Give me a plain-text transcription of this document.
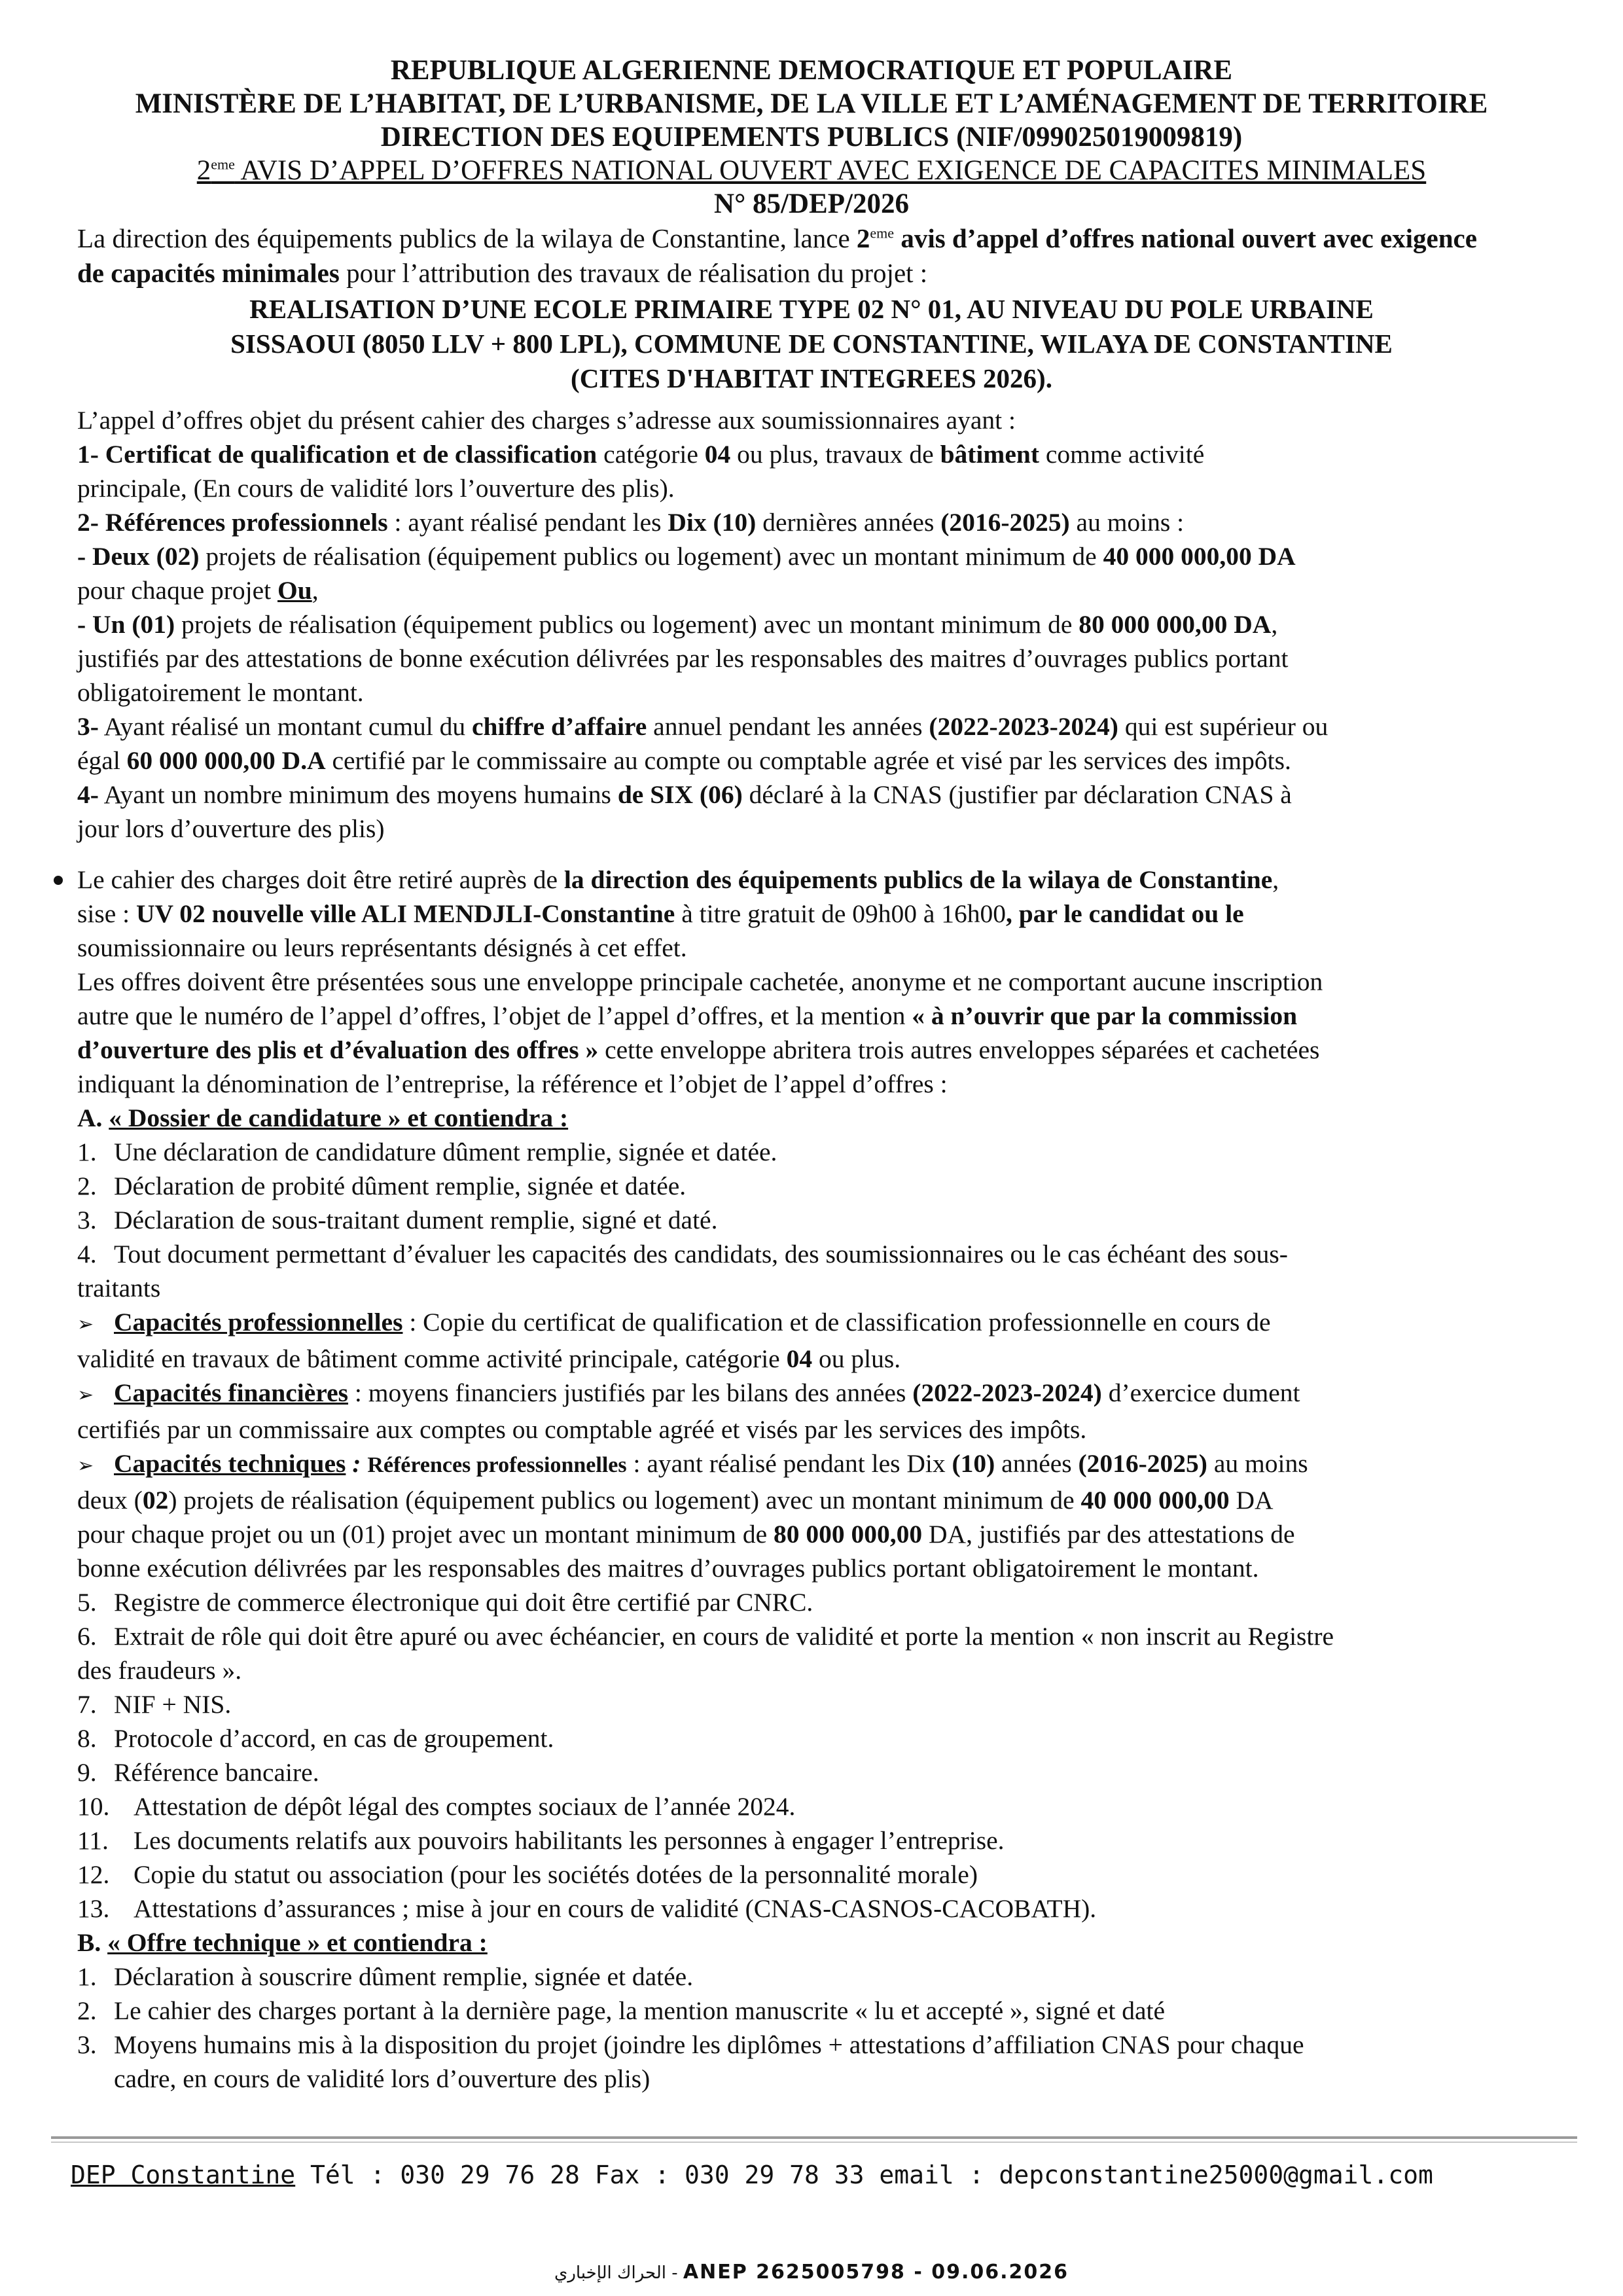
REPUBLIQUE ALGERIENNE DEMOCRATIQUE ET POPULAIRE
MINISTÈRE DE L’HABITAT, DE L’URBANISME, DE LA VILLE ET L’AMÉNAGEMENT DE TERRITOIRE
DIRECTION DES EQUIPEMENTS PUBLICS (NIF/099025019009819)
2eme AVIS D’APPEL D’OFFRES NATIONAL OUVERT AVEC EXIGENCE DE CAPACITES MINIMALES
N° 85/DEP/2026
La direction des équipements publics de la wilaya de Constantine, lance 2eme avis d’appel d’offres national ouvert avec exigence de capacités minimales pour l’attribution des travaux de réalisation du projet :
REALISATION D’UNE ECOLE PRIMAIRE TYPE 02 N° 01, AU NIVEAU DU POLE URBAINE
SISSAOUI (8050 LLV + 800 LPL), COMMUNE DE CONSTANTINE, WILAYA DE CONSTANTINE
(CITES D'HABITAT INTEGREES 2026).
L’appel d’offres objet du présent cahier des charges s’adresse aux soumissionnaires ayant :
1- Certificat de qualification et de classification catégorie 04 ou plus, travaux de bâtiment comme activité
principale, (En cours de validité lors l’ouverture des plis).
2- Références professionnels : ayant réalisé pendant les Dix (10) dernières années (2016-2025) au moins :
- Deux (02) projets de réalisation (équipement publics ou logement) avec un montant minimum de 40 000 000,00 DA
pour chaque projet Ou,
- Un (01) projets de réalisation (équipement publics ou logement) avec un montant minimum de 80 000 000,00 DA,
justifiés par des attestations de bonne exécution délivrées par les responsables des maitres d’ouvrages publics portant
obligatoirement le montant.
3- Ayant réalisé un montant cumul du chiffre d’affaire annuel pendant les années (2022-2023-2024) qui est supérieur ou
égal 60 000 000,00 D.A certifié par le commissaire au compte ou comptable agrée et visé par les services des impôts.
4- Ayant un nombre minimum des moyens humains de SIX (06) déclaré à la CNAS (justifier par déclaration CNAS à
jour lors d’ouverture des plis)
Le cahier des charges doit être retiré auprès de la direction des équipements publics de la wilaya de Constantine,
sise : UV 02 nouvelle ville ALI MENDJLI-Constantine à titre gratuit de 09h00 à 16h00, par le candidat ou le
soumissionnaire ou leurs représentants désignés à cet effet.
Les offres doivent être présentées sous une enveloppe principale cachetée, anonyme et ne comportant aucune inscription
autre que le numéro de l’appel d’offres, l’objet de l’appel d’offres, et la mention « à n’ouvrir que par la commission
d’ouverture des plis et d’évaluation des offres » cette enveloppe abritera trois autres enveloppes séparées et cachetées
indiquant la dénomination de l’entreprise, la référence et l’objet de l’appel d’offres :
A. « Dossier de candidature » et contiendra :
1. Une déclaration de candidature dûment remplie, signée et datée.
2. Déclaration de probité dûment remplie, signée et datée.
3. Déclaration de sous-traitant dument remplie, signé et daté.
4. Tout document permettant d’évaluer les capacités des candidats, des soumissionnaires ou le cas échéant des sous-
traitants
➢ Capacités professionnelles : Copie du certificat de qualification et de classification professionnelle en cours de
validité en travaux de bâtiment comme activité principale, catégorie 04 ou plus.
➢ Capacités financières : moyens financiers justifiés par les bilans des années (2022-2023-2024) d’exercice dument
certifiés par un commissaire aux comptes ou comptable agréé et visés par les services des impôts.
➢ Capacités techniques : Références professionnelles : ayant réalisé pendant les Dix (10) années (2016-2025) au moins
deux (02) projets de réalisation (équipement publics ou logement) avec un montant minimum de 40 000 000,00 DA
pour chaque projet ou un (01) projet avec un montant minimum de 80 000 000,00 DA, justifiés par des attestations de
bonne exécution délivrées par les responsables des maitres d’ouvrages publics portant obligatoirement le montant.
5. Registre de commerce électronique qui doit être certifié par CNRC.
6. Extrait de rôle qui doit être apuré ou avec échéancier, en cours de validité et porte la mention « non inscrit au Registre
des fraudeurs ».
7. NIF + NIS.
8. Protocole d’accord, en cas de groupement.
9. Référence bancaire.
10. Attestation de dépôt légal des comptes sociaux de l’année 2024.
11. Les documents relatifs aux pouvoirs habilitants les personnes à engager l’entreprise.
12. Copie du statut ou association (pour les sociétés dotées de la personnalité morale)
13. Attestations d’assurances ; mise à jour en cours de validité (CNAS-CASNOS-CACOBATH).
B. « Offre technique » et contiendra :
1. Déclaration à souscrire dûment remplie, signée et datée.
2. Le cahier des charges portant à la dernière page, la mention manuscrite « lu et accepté », signé et daté
3. Moyens humains mis à la disposition du projet (joindre les diplômes + attestations d’affiliation CNAS pour chaque
cadre, en cours de validité lors d’ouverture des plis)
DEP Constantine Tél : 030 29 76 28 Fax : 030 29 78 33 email : depconstantine25000@gmail.com
الحراك الإخباري - ANEP 2625005798 - 09.06.2026
